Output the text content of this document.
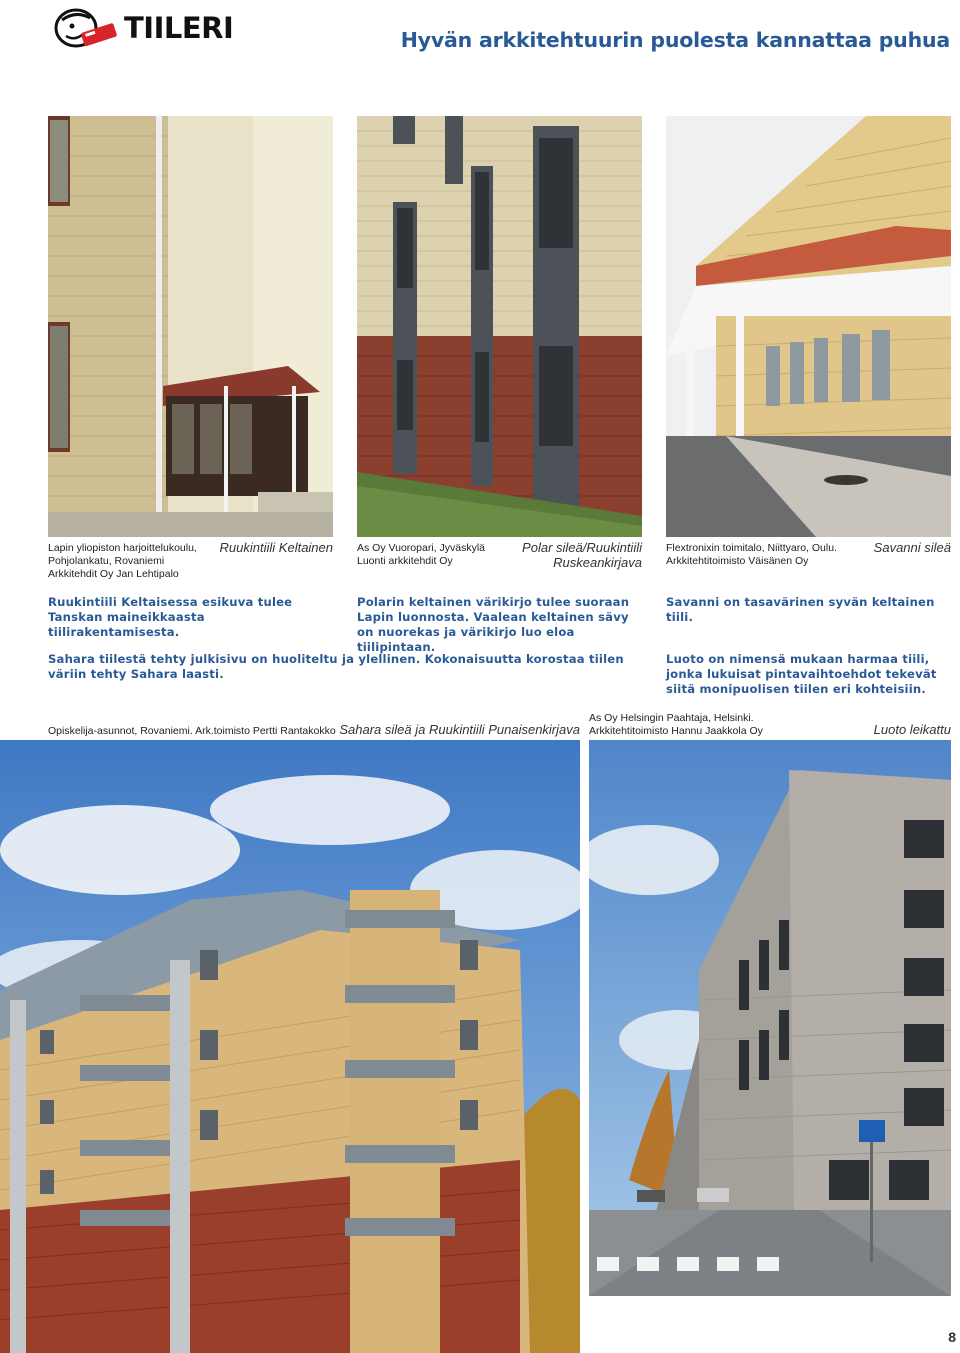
TIILERI	Hyvän arkkitehtuurin puolesta kannattaa puhua
Lapin yliopiston harjoittelukoulu,
Pohjolankatu, Rovaniemi
Arkkitehdit Oy Jan Lehtipalo
Ruukintiili Keltainen As Oy Vuoropari, Jyväskylä
Luonti arkkitehdit Oy
Polar sileä/Ruukintiili
Ruskeankirjava
Flextronixin toimitalo, Niittyaro, Oulu.
Arkkitehtitoimisto Väisänen Oy
Savanni sileä
Ruukintiili Keltaisessa esikuva tulee Tanskan maineikkaasta tiilirakentamisesta.
Polarin keltainen värikirjo tulee suoraan Lapin luonnosta. Vaalean keltainen sävy on nuorekas ja värikirjo luo eloa tiilipintaan.
Savanni on tasavärinen syvän keltainen tiili.
Sahara tiilestä tehty julkisivu on huoliteltu ja ylellinen. Kokonaisuutta korostaa tiilen väriin tehty Sahara laasti.
Luoto on nimensä mukaan harmaa tiili, jonka lukuisat pintavaihtoehdot tekevät siitä monipuolisen tiilen eri kohteisiin.
Opiskelija-asunnot, Rovaniemi. Ark.toimisto Pertti Rantakokko Sahara sileä ja Ruukintiili Punaisenkirjava
As Oy Helsingin Paahtaja, Helsinki.
Arkkitehtitoimisto Hannu Jaakkola Oy	Luoto leikattu
8
